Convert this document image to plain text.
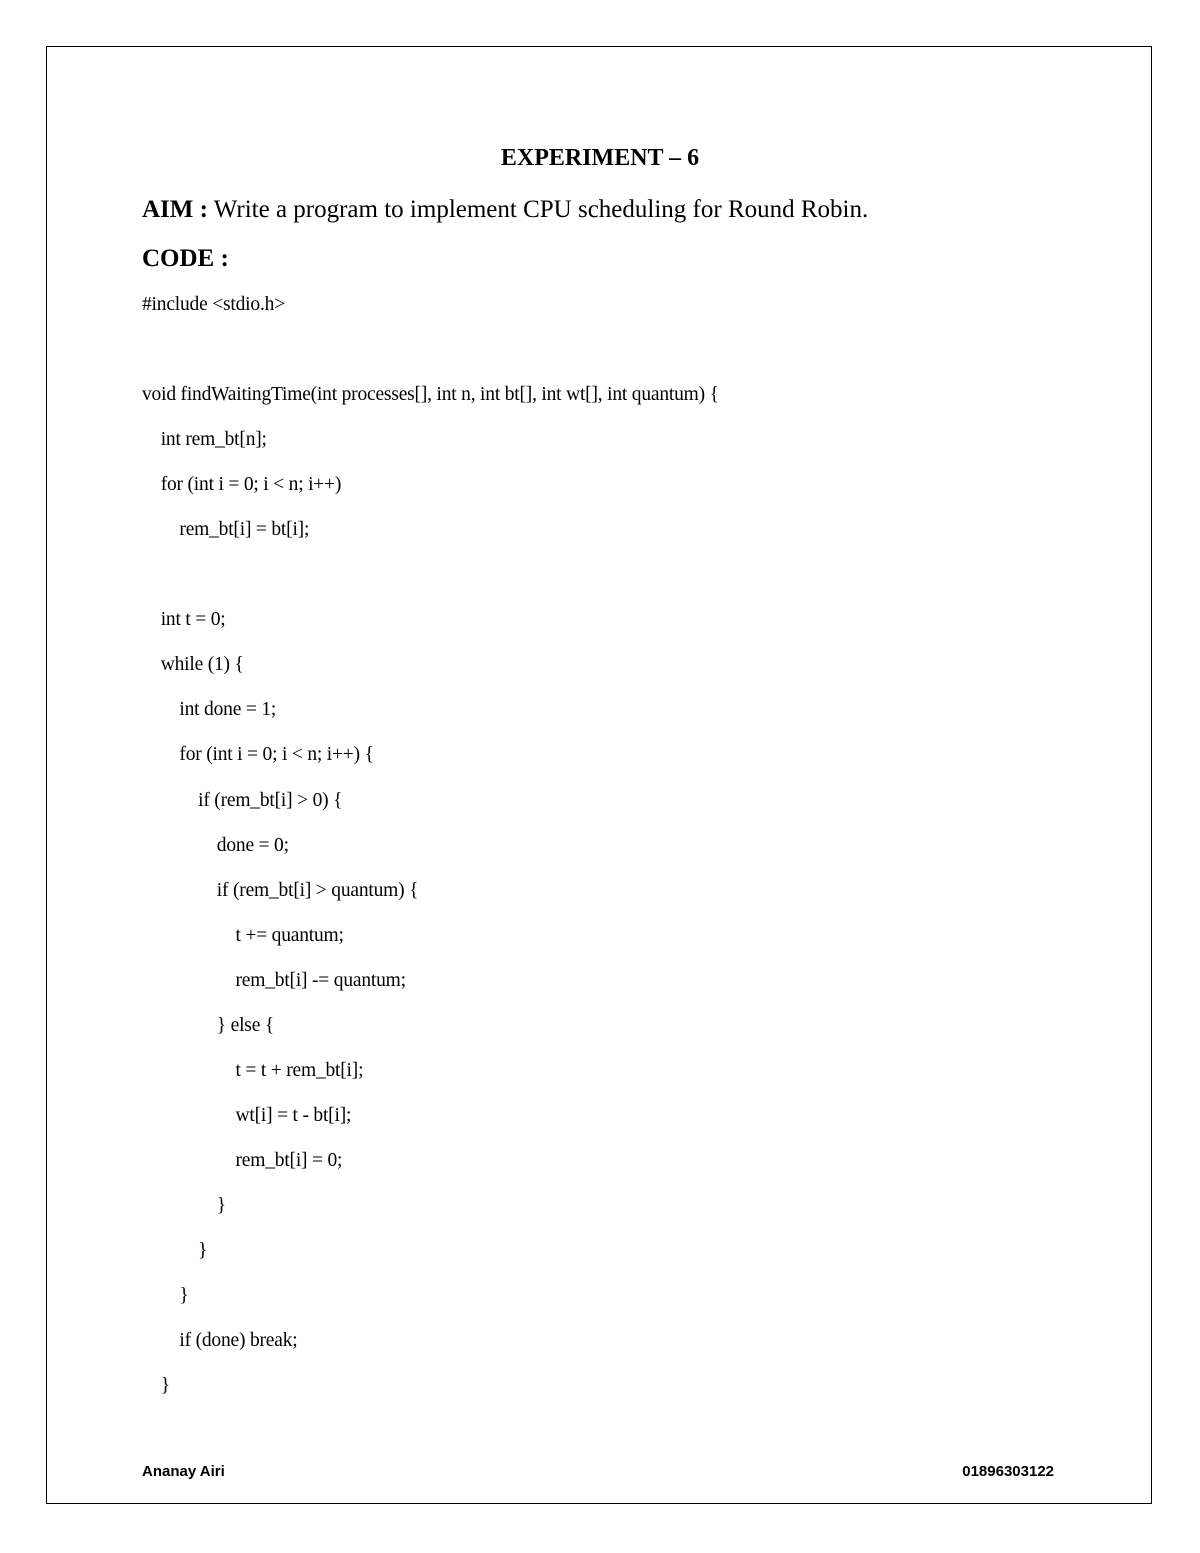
EXPERIMENT – 6
AIM : Write a program to implement CPU scheduling for Round Robin.
CODE :
#include <stdio.h>
void findWaitingTime(int processes[], int n, int bt[], int wt[], int quantum) {
int rem_bt[n];
for (int i = 0; i < n; i++)
rem_bt[i] = bt[i];
int t = 0;
while (1) {
int done = 1;
for (int i = 0; i < n; i++) {
if (rem_bt[i] > 0) {
done = 0;
if (rem_bt[i] > quantum) {
t += quantum;
rem_bt[i] -= quantum;
} else {
t = t + rem_bt[i];
wt[i] = t - bt[i];
rem_bt[i] = 0;
}
}
}
if (done) break;
}
Ananay Airi	01896303122
